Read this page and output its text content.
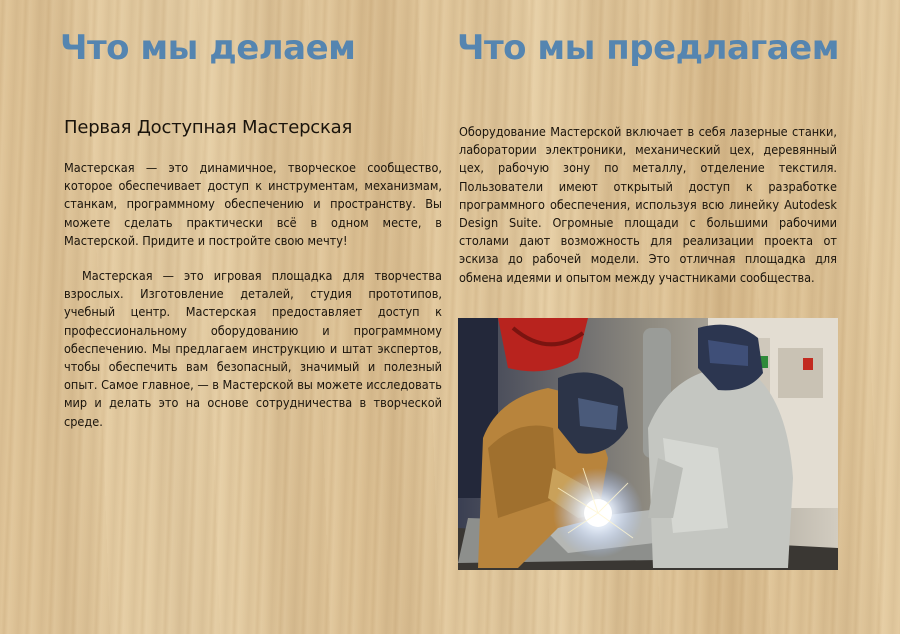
Что мы делаем	Что мы предлагаем
Первая Доступная Мастерская

Мастерская — это динамичное, творческое сообщество, которое обеспечивает доступ к инструментам, механизмам, станкам, программному обеспечению и пространству. Вы можете сделать практически всё в одном месте, в Мастерской. Придите и постройте свою мечту!

Мастерская — это игровая площадка для творчества взрослых. Изготовление деталей, студия прототипов, учебный центр. Мастерская предоставляет доступ к профессиональному оборудованию и программному обеспечению. Мы предлагаем инструкцию и штат экспертов, чтобы обеспечить вам безопасный, значимый и полезный опыт. Самое главное, — в Мастерской вы можете исследовать мир и делать это на основе сотрудничества в творческой среде.

Оборудование Мастерской включает в себя лазерные станки, лаборатории электроники, механический цех, деревянный цех, рабочую зону по металлу, отделение текстиля. Пользователи имеют открытый доступ к разработке программного обеспечения, используя всю линейку Autodesk Design Suite. Огромные площади с большими рабочими столами дают возможность для реализации проекта от эскиза до рабочей модели. Это отличная площадка для обмена идеями и опытом между участниками сообщества.
